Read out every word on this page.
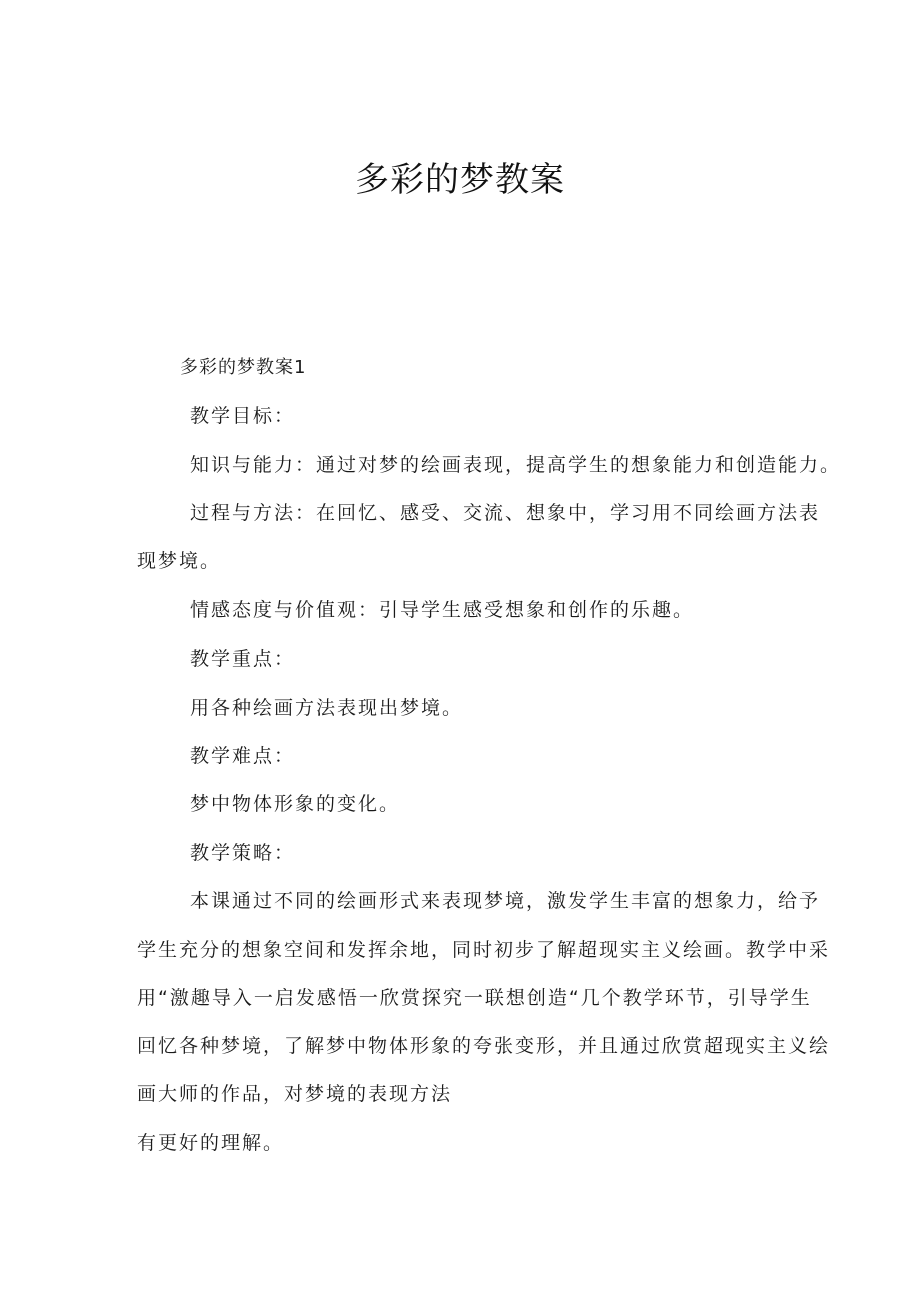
多彩的梦教案
多彩的梦教案1
教学目标：
知识与能力：通过对梦的绘画表现，提高学生的想象能力和创造能力。
过程与方法：在回忆、感受、交流、想象中，学习用不同绘画方法表
现梦境。
情感态度与价值观：引导学生感受想象和创作的乐趣。
教学重点：
用各种绘画方法表现出梦境。
教学难点：
梦中物体形象的变化。
教学策略：
本课通过不同的绘画形式来表现梦境，激发学生丰富的想象力，给予
学生充分的想象空间和发挥余地，同时初步了解超现实主义绘画。教学中采
用“激趣导入一启发感悟一欣赏探究一联想创造“几个教学环节，引导学生
回忆各种梦境，了解梦中物体形象的夸张变形，并且通过欣赏超现实主义绘
画大师的作品，对梦境的表现方法
有更好的理解。
